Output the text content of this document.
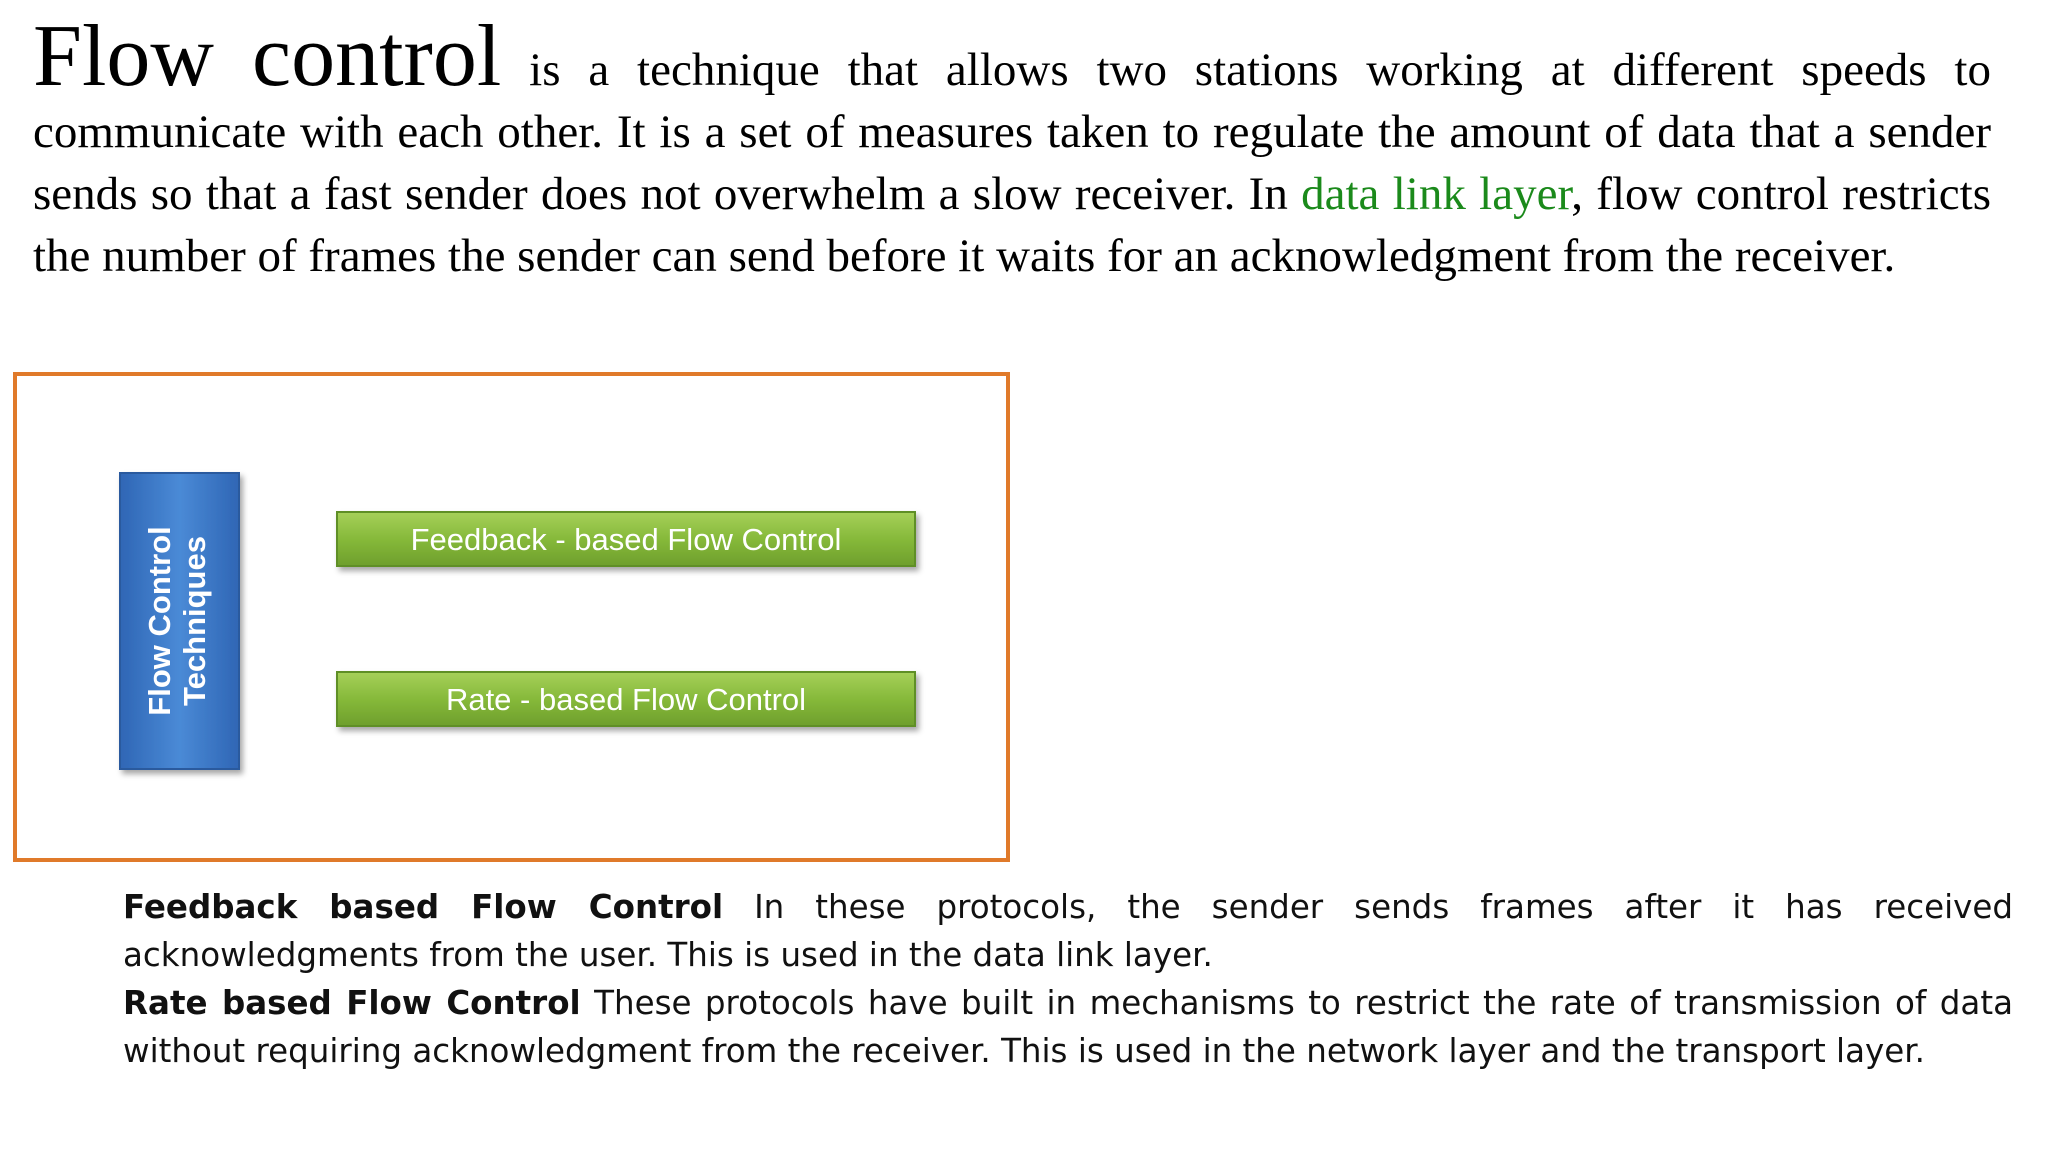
Flow control is a technique that allows two stations working at different speeds to communicate with each other. It is a set of measures taken to regulate the amount of data that a sender sends so that a fast sender does not overwhelm a slow receiver. In data link layer, flow control restricts the number of frames the sender can send before it waits for an acknowledgment from the receiver.

Flow Control Techniques	Feedback - based Flow Control
Rate - based Flow Control

Feedback based Flow Control In these protocols, the sender sends frames after it has received acknowledgments from the user. This is used in the data link layer.

Rate based Flow Control These protocols have built in mechanisms to restrict the rate of transmission of data without requiring acknowledgment from the receiver. This is used in the network layer and the transport layer.
